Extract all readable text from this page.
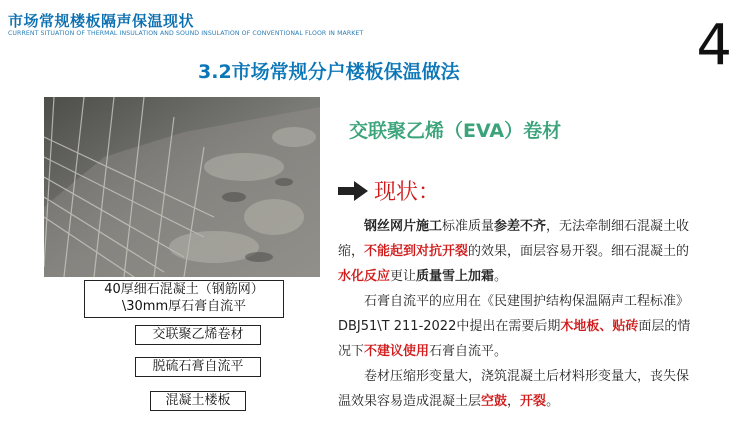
市场常规楼板隔声保温现状
CURRENT SITUATION OF THERMAL INSULATION AND SOUND INSULATION OF CONVENTIONAL FLOOR IN MARKET	4
3.2市场常规分户楼板保温做法
40厚细石混凝土（钢筋网）
\30mm厚石膏自流平
交联聚乙烯卷材
脱硫石膏自流平
混凝土楼板
交联聚乙烯（EVA）卷材
现状：

钢丝网片施工标准质量参差不齐，无法牵制细石混凝土收缩，不能起到对抗开裂的效果，面层容易开裂。细石混凝土的水化反应更让质量雪上加霜。

石膏自流平的应用在《民建围护结构保温隔声工程标准》DBJ51\T 211-2022中提出在需要后期木地板、贴砖面层的情况下不建议使用石膏自流平。

卷材压缩形变量大，浇筑混凝土后材料形变量大，丧失保温效果容易造成混凝土层空鼓，开裂。
